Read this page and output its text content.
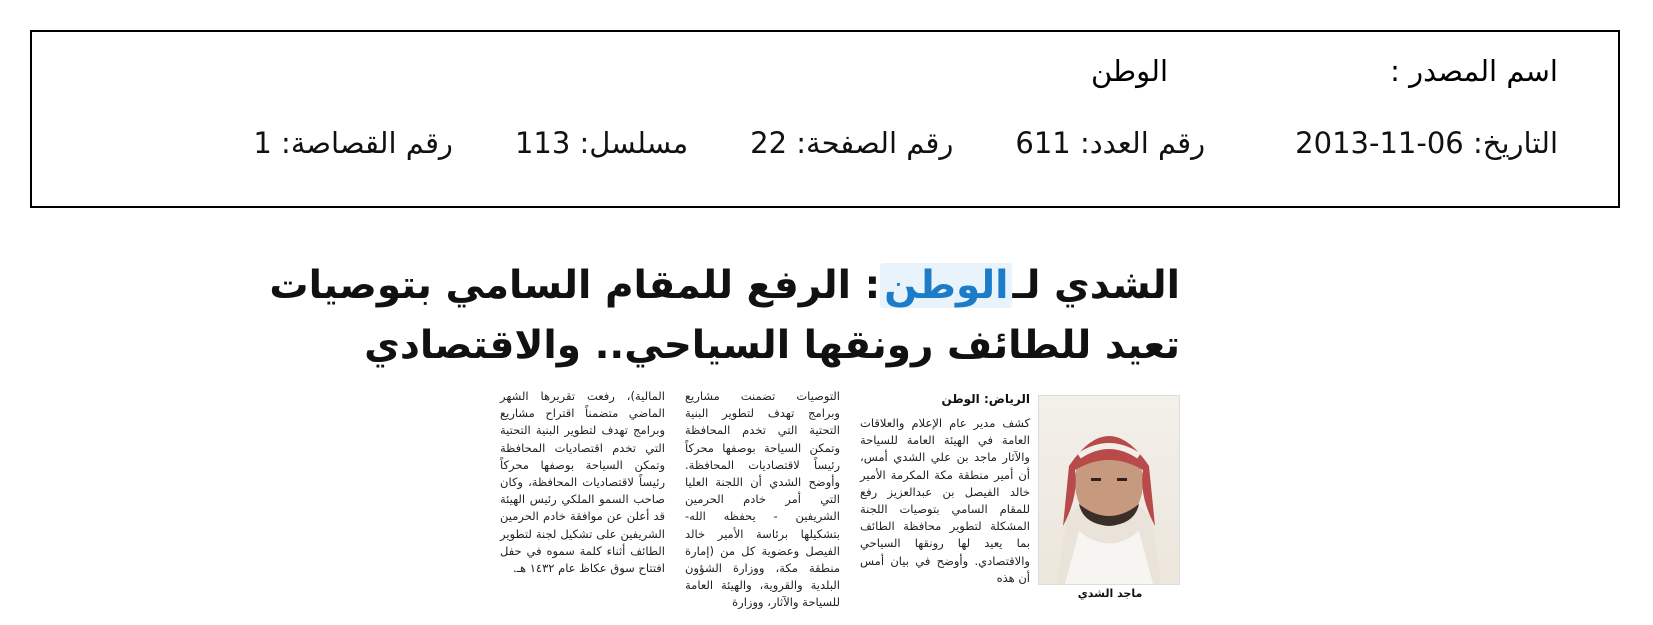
اسم المصدر :
الوطن
التاريخ: 06-11-2013
رقم العدد: 611
رقم الصفحة: 22
مسلسل: 113
رقم القصاصة: 1
الشدي لـالوطن: الرفع للمقام السامي بتوصيات
تعيد للطائف رونقها السياحي.. والاقتصادي
ماجد الشدي
الرياض: الوطن
كشف مدير عام الإعلام والعلاقات العامة في الهيئة العامة للسياحة والآثار ماجد بن علي الشدي أمس، أن أمير منطقة مكة المكرمة الأمير خالد الفيصل بن عبدالعزيز رفع للمقام السامي بتوصيات اللجنة المشكلة لتطوير محافظة الطائف بما يعيد لها رونقها السياحي والاقتصادي. وأوضح في بيان أمس أن هذه
التوصيات تضمنت مشاريع وبرامج تهدف لتطوير البنية التحتية التي تخدم المحافظة وتمكن السياحة بوصفها محركاً رئيساً لاقتصاديات المحافظة. وأوضح الشدي أن اللجنة العليا التي أمر خادم الحرمين الشريفين - يحفظه الله- بتشكيلها برئاسة الأمير خالد الفيصل وعضوية كل من (إمارة منطقة مكة، ووزارة الشؤون البلدية والقروية، والهيئة العامة للسياحة والآثار، ووزارة
المالية)، رفعت تقريرها الشهر الماضي متضمناً اقتراح مشاريع وبرامج تهدف لتطوير البنية التحتية التي تخدم اقتصاديات المحافظة وتمكن السياحة بوصفها محركاً رئيساً لاقتصاديات المحافظة، وكان صاحب السمو الملكي رئيس الهيئة قد أعلن عن موافقة خادم الحرمين الشريفين على تشكيل لجنة لتطوير الطائف أثناء كلمة سموه في حفل افتتاح سوق عكاظ عام ١٤٣٢ هـ.
